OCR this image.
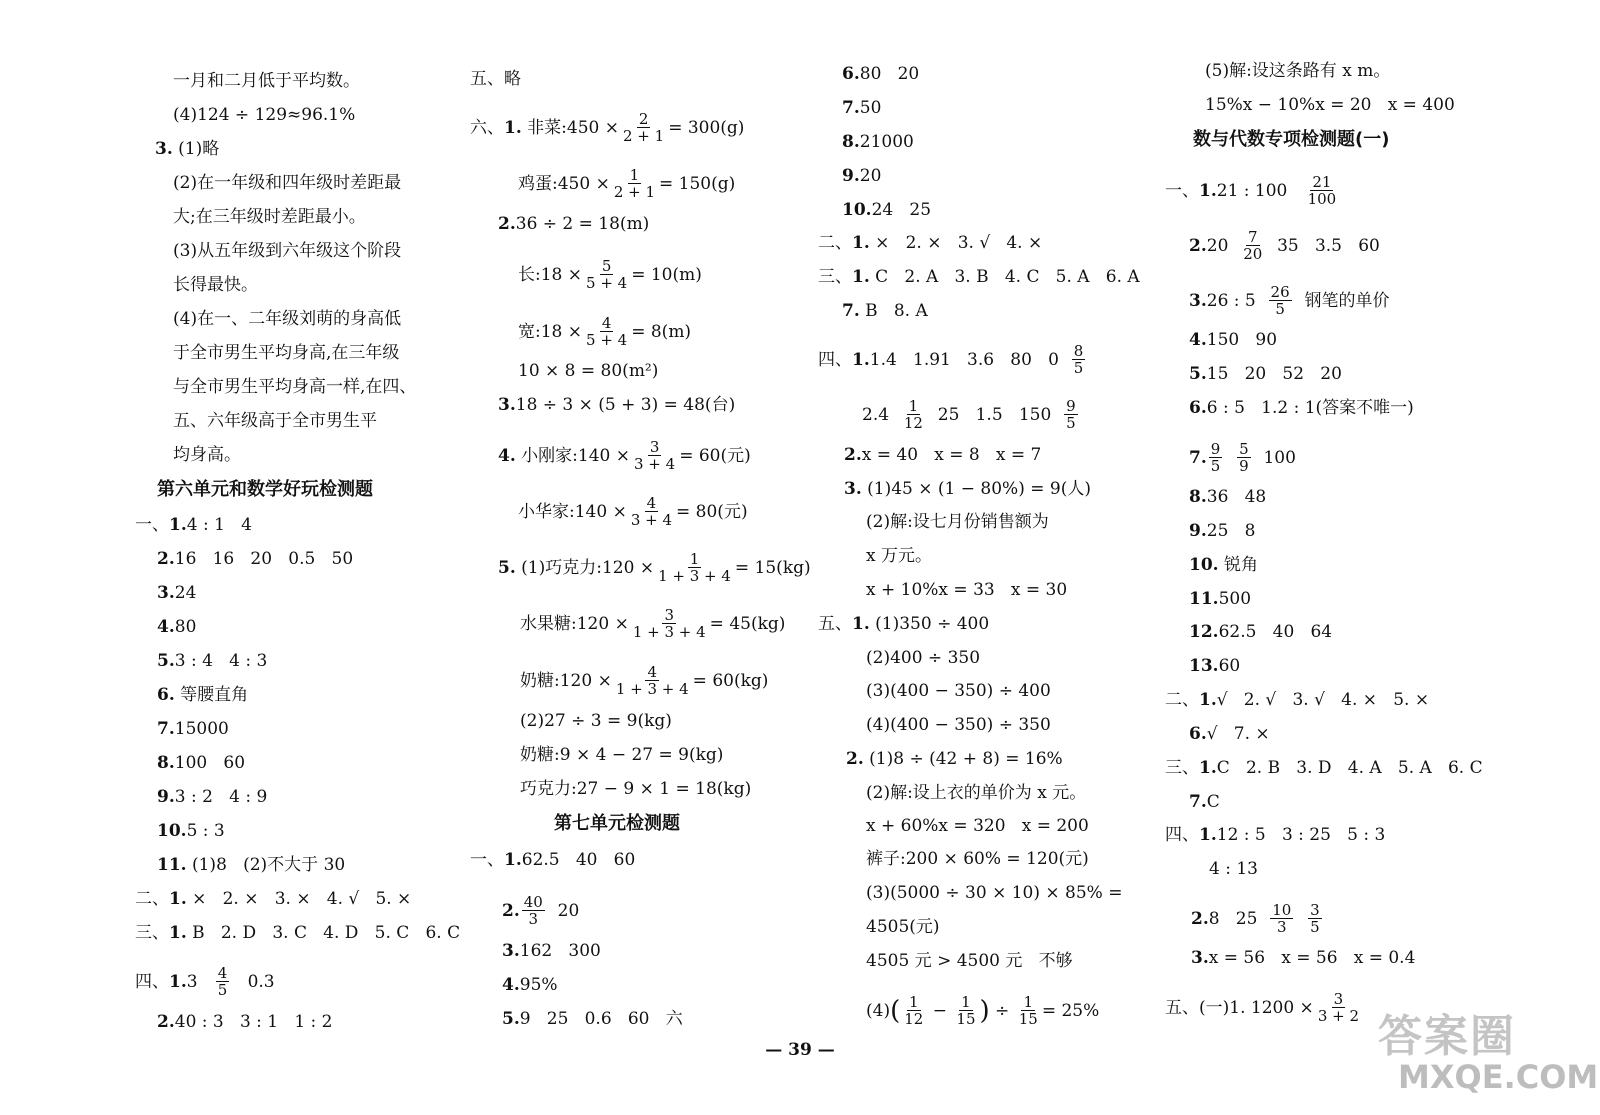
一月和二月低于平均数。
(4)124 ÷ 129≈96.1%
3. (1)略
(2)在一年级和四年级时差距最
大;在三年级时差距最小。
(3)从五年级到六年级这个阶段
长得最快。
(4)在一、二年级刘萌的身高低
于全市男生平均身高,在三年级
与全市男生平均身高一样,在四、
五、六年级高于全市男生平
均身高。
第六单元和数学好玩检测题
一、1.4 : 1   4
2.16   16   20   0.5   50
3.24
4.80
5.3 : 4   4 : 3
6. 等腰直角
7.15000
8.100   60
9.3 : 2   4 : 9
10.5 : 3
11. (1)8   (2)不大于 30
二、1. ×   2. ×   3. ×   4. √   5. ×
三、1. B   2. D   3. C   4. D   5. C   6. C
四、$1.3 \frac{4}{5} 0.3$
2.40 : 3   3 : 1   1 : 2
五、略
六、1. 非菜:450 × $\frac{2}{2 + 1} = 300(g)$
鸡蛋:450 × $\frac{1}{2 + 1} = 150(g)$
2.36 ÷ 2 = 18(m)
长:18 × $\frac{5}{5 + 4} = 10(m)$
宽:18 × $\frac{4}{5 + 4} = 8(m)$
10 × 8 = 80(m²)
3.18 ÷ 3 × (5 + 3) = 48(台)
4. 小刚家:140 × $\frac{3}{3 + 4} = 60$(元)
小华家:140 × $\frac{4}{3 + 4} = 80$(元)
5. (1)巧克力:120 × $\frac{1}{1 + 3 + 4} = 15(kg)$
水果糖:120 × $\frac{3}{1 + 3 + 4} = 45(kg)$
奶糖:120 × $\frac{4}{1 + 3 + 4} = 60(kg)$
(2)27 ÷ 3 = 9(kg)
奶糖:9 × 4 − 27 = 9(kg)
巧克力:27 − 9 × 1 = 18(kg)
第七单元检测题
一、1.62.5   40   60
2. $\frac{40}{3} 20$
3.162   300
4.95%
5.9   25   0.6   60   六
6.80   20
7.50
8.21000
9.20
10.24   25
二、1. ×   2. ×   3. √   4. ×
三、1. C   2. A   3. B   4. C   5. A   6. A
7. B   8. A
四、1.1.4   1.91   3.6   80   $0 \frac{8}{5}$
$2.4 \frac{1}{12} 25$   1.5   $150 \frac{9}{5}$
2.x = 40   x = 8   x = 7
3. (1)45 × (1 − 80%) = 9(人)
(2)解:设七月份销售额为
x 万元。
x + 10%x = 33   x = 30
五、1. (1)350 ÷ 400
(2)400 ÷ 350
(3)(400 − 350) ÷ 400
(4)(400 − 350) ÷ 350
2. (1)8 ÷ (42 + 8) = 16%
(2)解:设上衣的单价为 x 元。
x + 60%x = 320   x = 200
裤子:200 × 60% = 120(元)
(3)(5000 ÷ 30 × 10) × 85% =
4505(元)
4505 元 > 4500 元   不够
$(4)( \frac{1}{12} - \frac{1}{15}$ ) ÷ $\frac{1}{15} = 25\%$
(5)解:设这条路有 x m。
15%x − 10%x = 20   x = 400
数与代数专项检测题(一)
一、1.21 : $100 \frac{21}{100}$
$2.20 \frac{7}{20} 35$   3.5   60
3.26 : $5 \frac{26}{5}$ 钢笔的单价
4.150   90
5.15   20   52   20
6.6 : 5   1.2 : 1(答案不唯一)
7. $\frac{9}{5}$
$\frac{5}{9} 100$
8.36   48
9.25   8
10. 锐角
11.500
12.62.5   40   64
13.60
二、1.√   2. √   3. √   4. ×   5. ×
6.√   7. ×
三、1.C   2. B   3. D   4. A   5. A   6. C
7.C
四、1.12 : 5   3 : 25   5 : 3
4 : 13
2.8   $25 \frac{10}{3}$
$\frac{3}{5}$
3.x = 56   x = 56   x = 0.4
五、(一)1. $1200 \times \frac{3}{3 + 2}$
— 39 —	答案圈
MXQE.COM
